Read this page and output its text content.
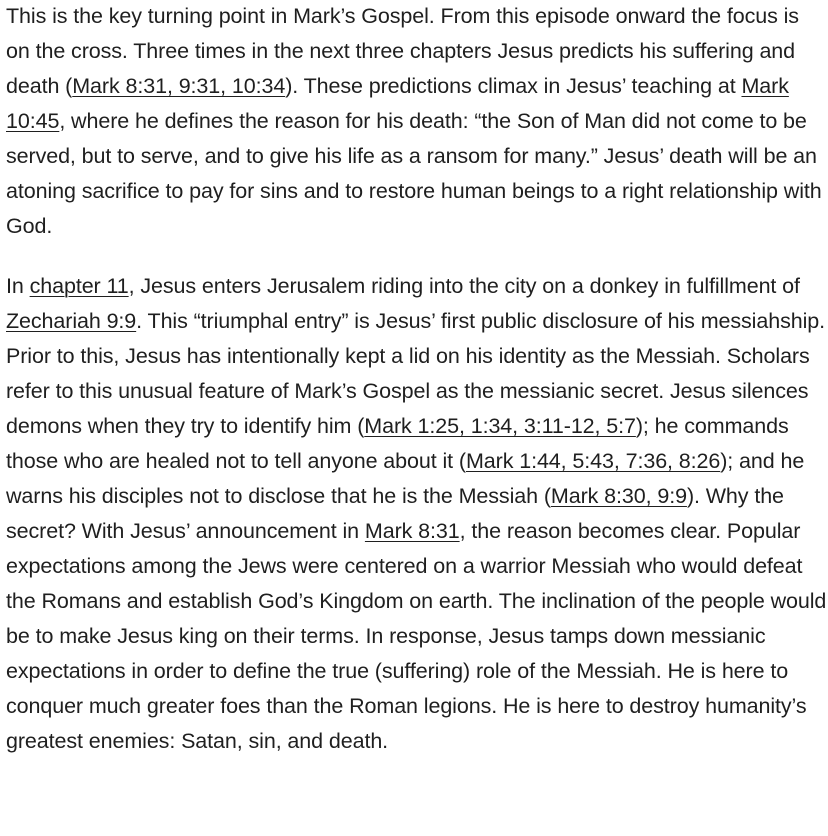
This is the key turning point in Mark’s Gospel. From this episode onward the focus is on the cross. Three times in the next three chapters Jesus predicts his suffering and death (Mark 8:31, 9:31, 10:34). These predictions climax in Jesus’ teaching at Mark 10:45, where he defines the reason for his death: “the Son of Man did not come to be served, but to serve, and to give his life as a ransom for many.” Jesus’ death will be an atoning sacrifice to pay for sins and to restore human beings to a right relationship with God.

In chapter 11, Jesus enters Jerusalem riding into the city on a donkey in fulfillment of Zechariah 9:9. This “triumphal entry” is Jesus’ first public disclosure of his messiahship. Prior to this, Jesus has intentionally kept a lid on his identity as the Messiah. Scholars refer to this unusual feature of Mark’s Gospel as the messianic secret. Jesus silences demons when they try to identify him (Mark 1:25, 1:34, 3:11-12, 5:7); he commands those who are healed not to tell anyone about it (Mark 1:44, 5:43, 7:36, 8:26); and he warns his disciples not to disclose that he is the Messiah (Mark 8:30, 9:9). Why the secret? With Jesus’ announcement in Mark 8:31, the reason becomes clear. Popular expectations among the Jews were centered on a warrior Messiah who would defeat the Romans and establish God’s Kingdom on earth. The inclination of the people would be to make Jesus king on their terms. In response, Jesus tamps down messianic expectations in order to define the true (suffering) role of the Messiah. He is here to conquer much greater foes than the Roman legions. He is here to destroy humanity’s greatest enemies: Satan, sin, and death.
